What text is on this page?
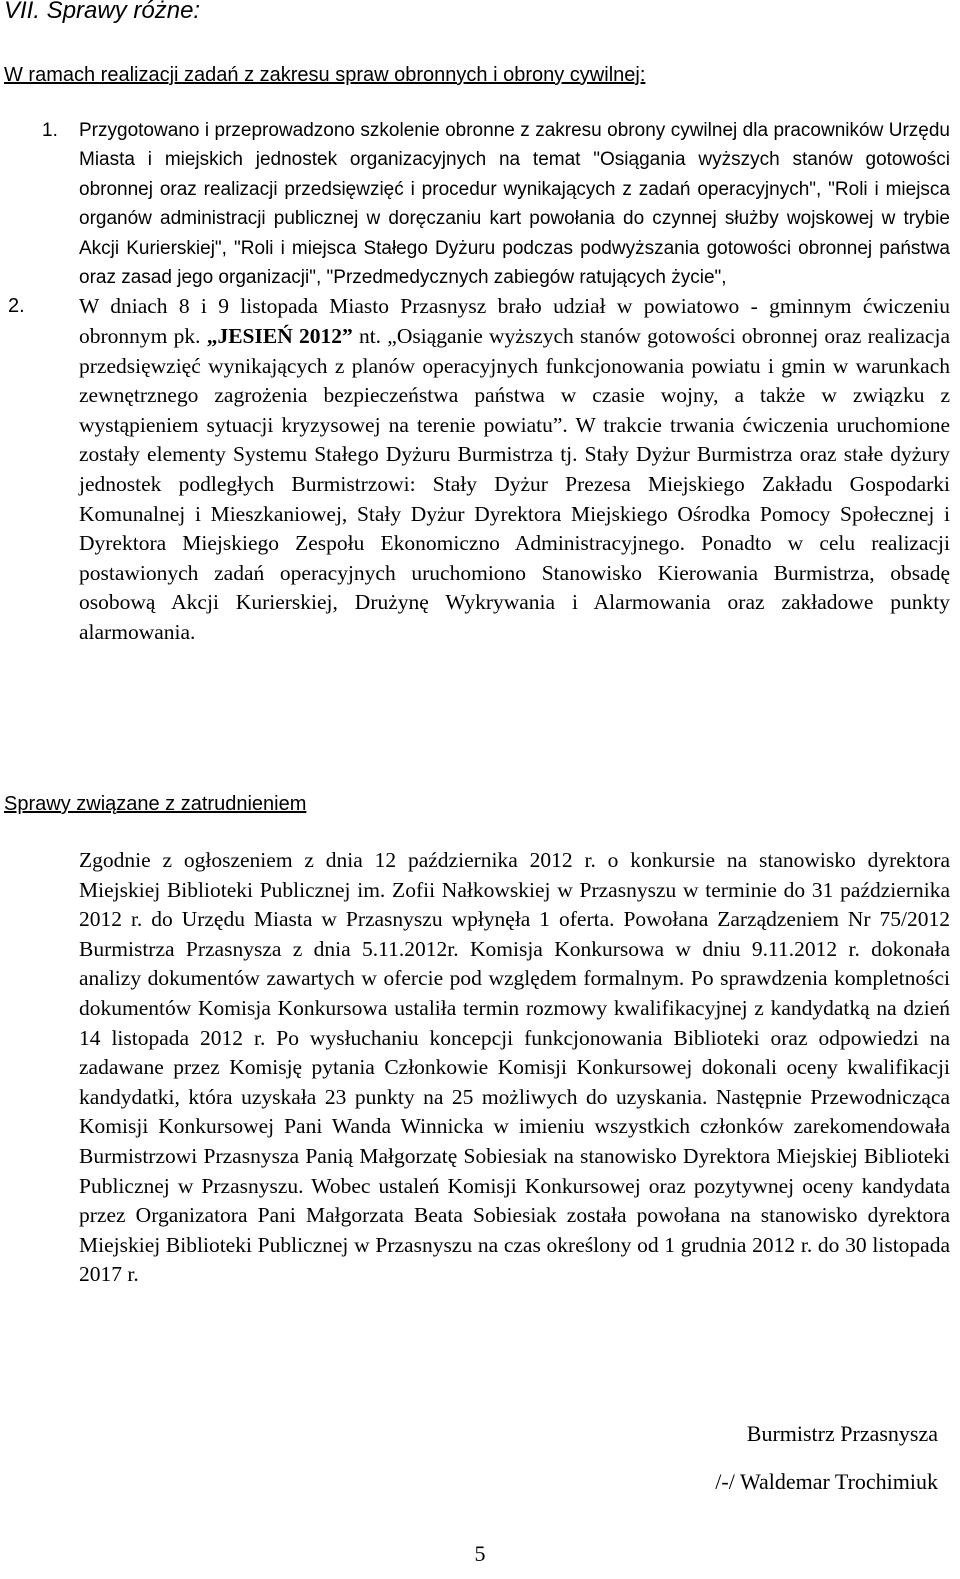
VII. Sprawy różne:
W ramach realizacji zadań z zakresu spraw obronnych i obrony cywilnej:
1. Przygotowano i przeprowadzono szkolenie obronne z zakresu obrony cywilnej dla pracowników Urzędu Miasta i miejskich jednostek organizacyjnych na temat "Osiągania wyższych stanów gotowości obronnej oraz realizacji przedsięwzięć i procedur wynikających z zadań operacyjnych", "Roli i miejsca organów administracji publicznej w doręczaniu kart powołania do czynnej służby wojskowej w trybie Akcji Kurierskiej", "Roli i miejsca Stałego Dyżuru podczas podwyższania gotowości obronnej państwa oraz zasad jego organizacji", "Przedmedycznych zabiegów ratujących życie",
2.	W dniach 8 i 9 listopada Miasto Przasnysz brało udział w powiatowo - gminnym ćwiczeniu obronnym pk. „JESIEŃ 2012” nt. „Osiąganie wyższych stanów gotowości obronnej oraz realizacja przedsięwzięć wynikających z planów operacyjnych funkcjonowania powiatu i gmin w warunkach zewnętrznego zagrożenia bezpieczeństwa państwa w czasie wojny, a także w związku z wystąpieniem sytuacji kryzysowej na terenie powiatu”. W trakcie trwania ćwiczenia uruchomione zostały elementy Systemu Stałego Dyżuru Burmistrza tj. Stały Dyżur Burmistrza oraz stałe dyżury jednostek podległych Burmistrzowi: Stały Dyżur Prezesa Miejskiego Zakładu Gospodarki Komunalnej i Mieszkaniowej, Stały Dyżur Dyrektora Miejskiego Ośrodka Pomocy Społecznej i Dyrektora Miejskiego Zespołu Ekonomiczno Administracyjnego. Ponadto w celu realizacji postawionych zadań operacyjnych uruchomiono Stanowisko Kierowania Burmistrza, obsadę osobową Akcji Kurierskiej, Drużynę Wykrywania i Alarmowania oraz zakładowe punkty alarmowania.
Sprawy związane z zatrudnieniem

Zgodnie z ogłoszeniem z dnia 12 października 2012 r. o konkursie na stanowisko dyrektora Miejskiej Biblioteki Publicznej im. Zofii Nałkowskiej w Przasnyszu w terminie do 31 października 2012 r. do Urzędu Miasta w Przasnyszu wpłynęła 1 oferta. Powołana Zarządzeniem Nr 75/2012 Burmistrza Przasnysza z dnia 5.11.2012r. Komisja Konkursowa w dniu 9.11.2012 r. dokonała analizy dokumentów zawartych w ofercie pod względem formalnym. Po sprawdzenia kompletności dokumentów Komisja Konkursowa ustaliła termin rozmowy kwalifikacyjnej z kandydatką na dzień 14 listopada 2012 r. Po wysłuchaniu koncepcji funkcjonowania Biblioteki oraz odpowiedzi na zadawane przez Komisję pytania Członkowie Komisji Konkursowej dokonali oceny kwalifikacji kandydatki, która uzyskała 23 punkty na 25 możliwych do uzyskania. Następnie Przewodnicząca Komisji Konkursowej Pani Wanda Winnicka w imieniu wszystkich członków zarekomendowała Burmistrzowi Przasnysza Panią Małgorzatę Sobiesiak na stanowisko Dyrektora Miejskiej Biblioteki Publicznej w Przasnyszu. Wobec ustaleń Komisji Konkursowej oraz pozytywnej oceny kandydata przez Organizatora Pani Małgorzata Beata Sobiesiak została powołana na stanowisko dyrektora Miejskiej Biblioteki Publicznej w Przasnyszu na czas określony od 1 grudnia 2012 r. do 30 listopada 2017 r.

Burmistrz Przasnysza
/-/ Waldemar Trochimiuk
5
